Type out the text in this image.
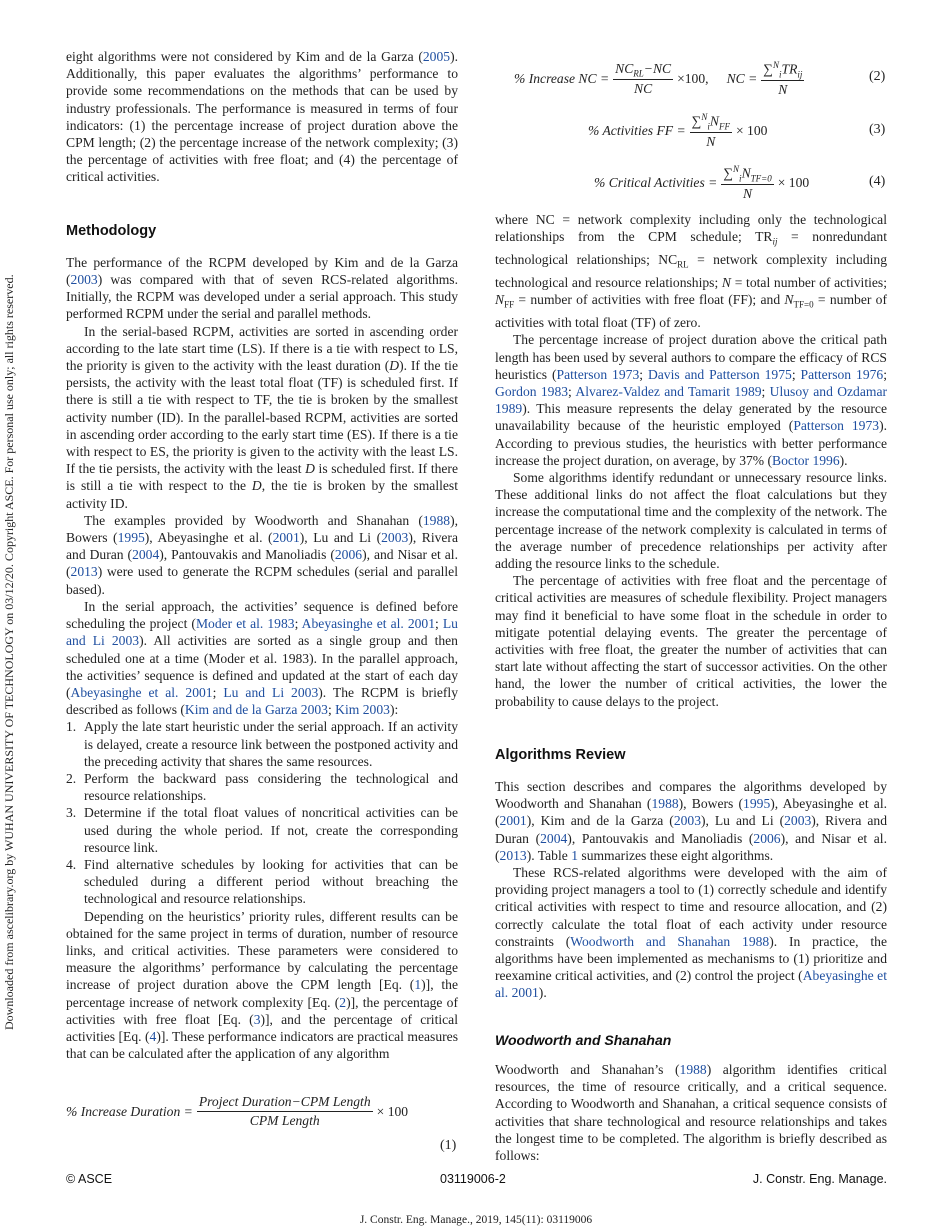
Downloaded from ascelibrary.org by WUHAN UNIVERSITY OF TECHNOLOGY on 03/12/20. Copyright ASCE. For personal use only; all rights reserved.

eight algorithms were not considered by Kim and de la Garza (2005). Additionally, this paper evaluates the algorithms’ performance to provide some recommendations on the methods that can be used by industry professionals. The performance is measured in terms of four indicators: (1) the percentage increase of project duration above the CPM length; (2) the percentage increase of the network complexity; (3) the percentage of activities with free float; and (4) the percentage of critical activities.

Methodology

The performance of the RCPM developed by Kim and de la Garza (2003) was compared with that of seven RCS-related algorithms. Initially, the RCPM was developed under a serial approach. This study performed RCPM under the serial and parallel methods.

In the serial-based RCPM, activities are sorted in ascending order according to the late start time (LS). If there is a tie with respect to LS, the priority is given to the activity with the least duration (D). If the tie persists, the activity with the least total float (TF) is scheduled first. If there is still a tie with respect to TF, the tie is broken by the smallest activity number (ID). In the parallel-based RCPM, activities are sorted in ascending order according to the early start time (ES). If there is a tie with respect to ES, the priority is given to the activity with the least LS. If the tie persists, the activity with the least D is scheduled first. If there is still a tie with respect to the D, the tie is broken by the smallest activity ID.

The examples provided by Woodworth and Shanahan (1988), Bowers (1995), Abeyasinghe et al. (2001), Lu and Li (2003), Rivera and Duran (2004), Pantouvakis and Manoliadis (2006), and Nisar et al. (2013) were used to generate the RCPM schedules (serial and parallel based).

In the serial approach, the activities’ sequence is defined before scheduling the project (Moder et al. 1983; Abeyasinghe et al. 2001; Lu and Li 2003). All activities are sorted as a single group and then scheduled one at a time (Moder et al. 1983). In the parallel approach, the activities’ sequence is defined and updated at the start of each day (Abeyasinghe et al. 2001; Lu and Li 2003). The RCPM is briefly described as follows (Kim and de la Garza 2003; Kim 2003):

1. Apply the late start heuristic under the serial approach. If an activity is delayed, create a resource link between the postponed activity and the preceding activity that shares the same resources.
2. Perform the backward pass considering the technological and resource relationships.
3. Determine if the total float values of noncritical activities can be used during the whole period. If not, create the corresponding resource link.
4. Find alternative schedules by looking for activities that can be scheduled during a different period without breaching the technological and resource relationships.

Depending on the heuristics’ priority rules, different results can be obtained for the same project in terms of duration, number of resource links, and critical activities. These parameters were considered to measure the algorithms’ performance by calculating the percentage increase of project duration above the CPM length [Eq. (1)], the percentage increase of network complexity [Eq. (2)], the percentage of activities with free float [Eq. (3)], and the percentage of critical activities [Eq. (4)]. These performance indicators are practical measures that can be calculated after the application of any algorithm

% Increase Duration = $\frac{\text{Project Duration−CPM Length}}{\text{CPM Length}} \times 100$
(1)
% Increase NC = $\frac{NC_{RL}-NC}{NC} \times 100$, NC = $\frac{\sum^N_iTR_{ij}}{N}$	(2)
% Activities FF = $\frac{\sum^N_iN_{FF}}{N} \times 100$	(3)
% Critical Activities = $\frac{\sum^N_iN_{TF=0}}{N} \times 100$	(4)

where NC = network complexity including only the technological relationships from the CPM schedule; $TR_{ij}$ = nonredundant technological relationships; $NC_{RL}$ = network complexity including technological and resource relationships; N = total number of activities; $N_{FF}$ = number of activities with free float (FF); and $N_{TF=0}$ = number of activities with total float (TF) of zero.

The percentage increase of project duration above the critical path length has been used by several authors to compare the efficacy of RCS heuristics (Patterson 1973; Davis and Patterson 1975; Patterson 1976; Gordon 1983; Alvarez-Valdez and Tamarit 1989; Ulusoy and Ozdamar 1989). This measure represents the delay generated by the resource unavailability because of the heuristic employed (Patterson 1973). According to previous studies, the heuristics with better performance increase the project duration, on average, by 37% (Boctor 1996).

Some algorithms identify redundant or unnecessary resource links. These additional links do not affect the float calculations but they increase the computational time and the complexity of the network. The percentage increase of the network complexity is calculated in terms of the average number of precedence relationships per activity after adding the resource links to the schedule.

The percentage of activities with free float and the percentage of critical activities are measures of schedule flexibility. Project managers may find it beneficial to have some float in the schedule in order to mitigate potential delaying events. The greater the percentage of activities with free float, the greater the number of activities that can start late without affecting the start of successor activities. On the other hand, the lower the number of critical activities, the lower the probability to cause delays to the project.

Algorithms Review

This section describes and compares the algorithms developed by Woodworth and Shanahan (1988), Bowers (1995), Abeyasinghe et al. (2001), Kim and de la Garza (2003), Lu and Li (2003), Rivera and Duran (2004), Pantouvakis and Manoliadis (2006), and Nisar et al. (2013). Table 1 summarizes these eight algorithms.

These RCS-related algorithms were developed with the aim of providing project managers a tool to (1) correctly schedule and identify critical activities with respect to time and resource allocation, and (2) correctly calculate the total float of each activity under resource constraints (Woodworth and Shanahan 1988). In practice, the algorithms have been implemented as mechanisms to (1) prioritize and reexamine critical activities, and (2) control the project (Abeyasinghe et al. 2001).

Woodworth and Shanahan

Woodworth and Shanahan’s (1988) algorithm identifies critical resources, the time of resource critically, and a critical sequence. According to Woodworth and Shanahan, a critical sequence consists of activities that share technological and resource relationships and takes the longest time to be completed. The algorithm is briefly described as follows:

© ASCE	03119006-2	J. Constr. Eng. Manage.
J. Constr. Eng. Manage., 2019, 145(11): 03119006
